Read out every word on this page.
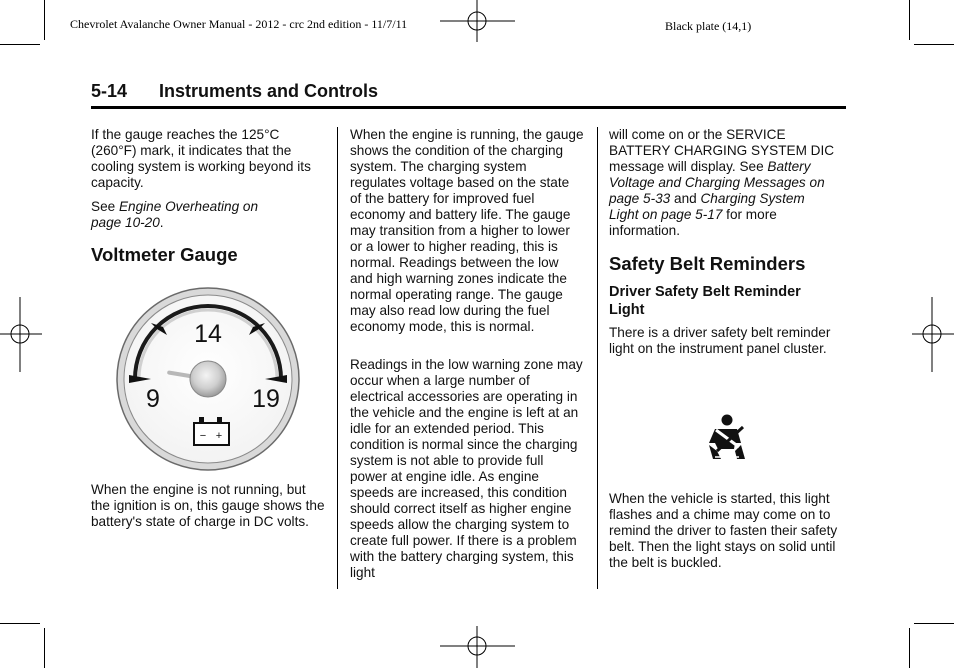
Chevrolet Avalanche Owner Manual - 2012 - crc 2nd edition - 11/7/11	Black plate (14,1)
5-14 Instruments and Controls
If the gauge reaches the 125°C (260°F) mark, it indicates that the cooling system is working beyond its capacity.
See Engine Overheating on page 10-20.
Voltmeter Gauge
14
9	19
− +
When the engine is not running, but the ignition is on, this gauge shows the battery's state of charge in DC volts.
When the engine is running, the gauge shows the condition of the charging system. The charging system regulates voltage based on the state of the battery for improved fuel economy and battery life. The gauge may transition from a higher to lower or a lower to higher reading, this is normal. Readings between the low and high warning zones indicate the normal operating range. The gauge may also read low during the fuel economy mode, this is normal.
Readings in the low warning zone may occur when a large number of electrical accessories are operating in the vehicle and the engine is left at an idle for an extended period. This condition is normal since the charging system is not able to provide full power at engine idle. As engine speeds are increased, this condition should correct itself as higher engine speeds allow the charging system to create full power. If there is a problem with the battery charging system, this light
will come on or the SERVICE BATTERY CHARGING SYSTEM DIC message will display. See Battery Voltage and Charging Messages on page 5-33 and Charging System Light on page 5-17 for more information.
Safety Belt Reminders
Driver Safety Belt Reminder Light
There is a driver safety belt reminder light on the instrument panel cluster.
When the vehicle is started, this light flashes and a chime may come on to remind the driver to fasten their safety belt. Then the light stays on solid until the belt is buckled.
